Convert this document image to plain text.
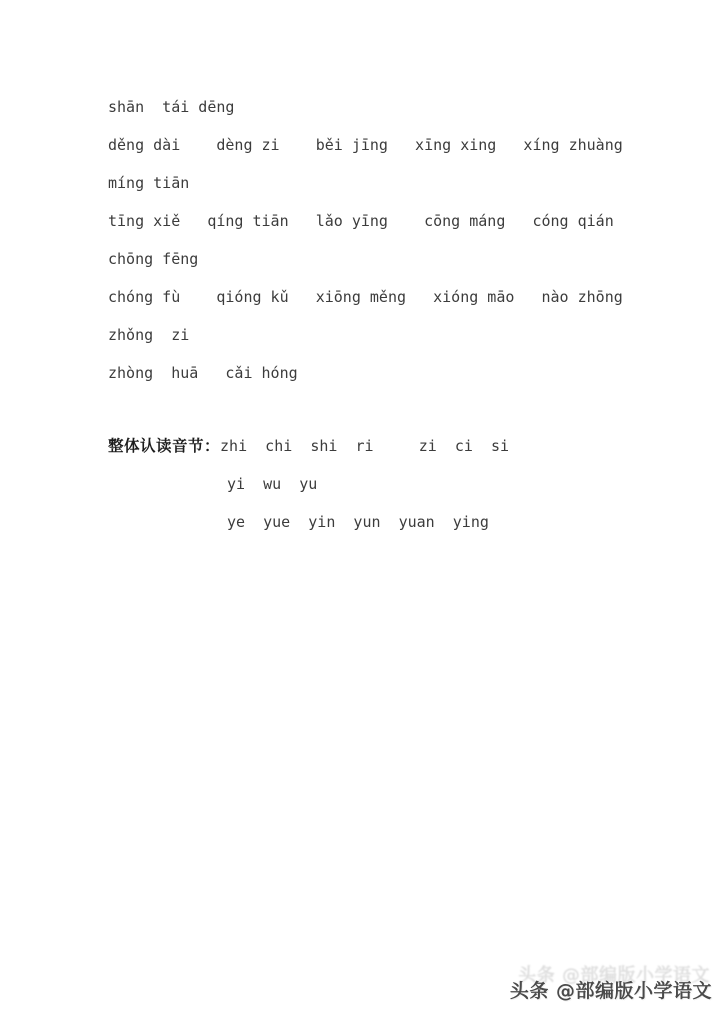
shān  tái dēng
děng dài    dèng zi    běi jīng   xīng xing   xíng zhuàng
míng tiān
tīng xiě   qíng tiān   lǎo yīng    cōng máng   cóng qián
chōng fēng
chóng fù    qióng kǔ   xiōng měng   xióng māo   nào zhōng
zhǒng  zi
zhòng  huā   cǎi hóng
整体认读音节：zhi  chi  shi  ri     zi  ci  si
yi  wu  yu
ye  yue  yin  yun  yuan  ying
头条 @部编版小学语文
头条 @部编版小学语文
